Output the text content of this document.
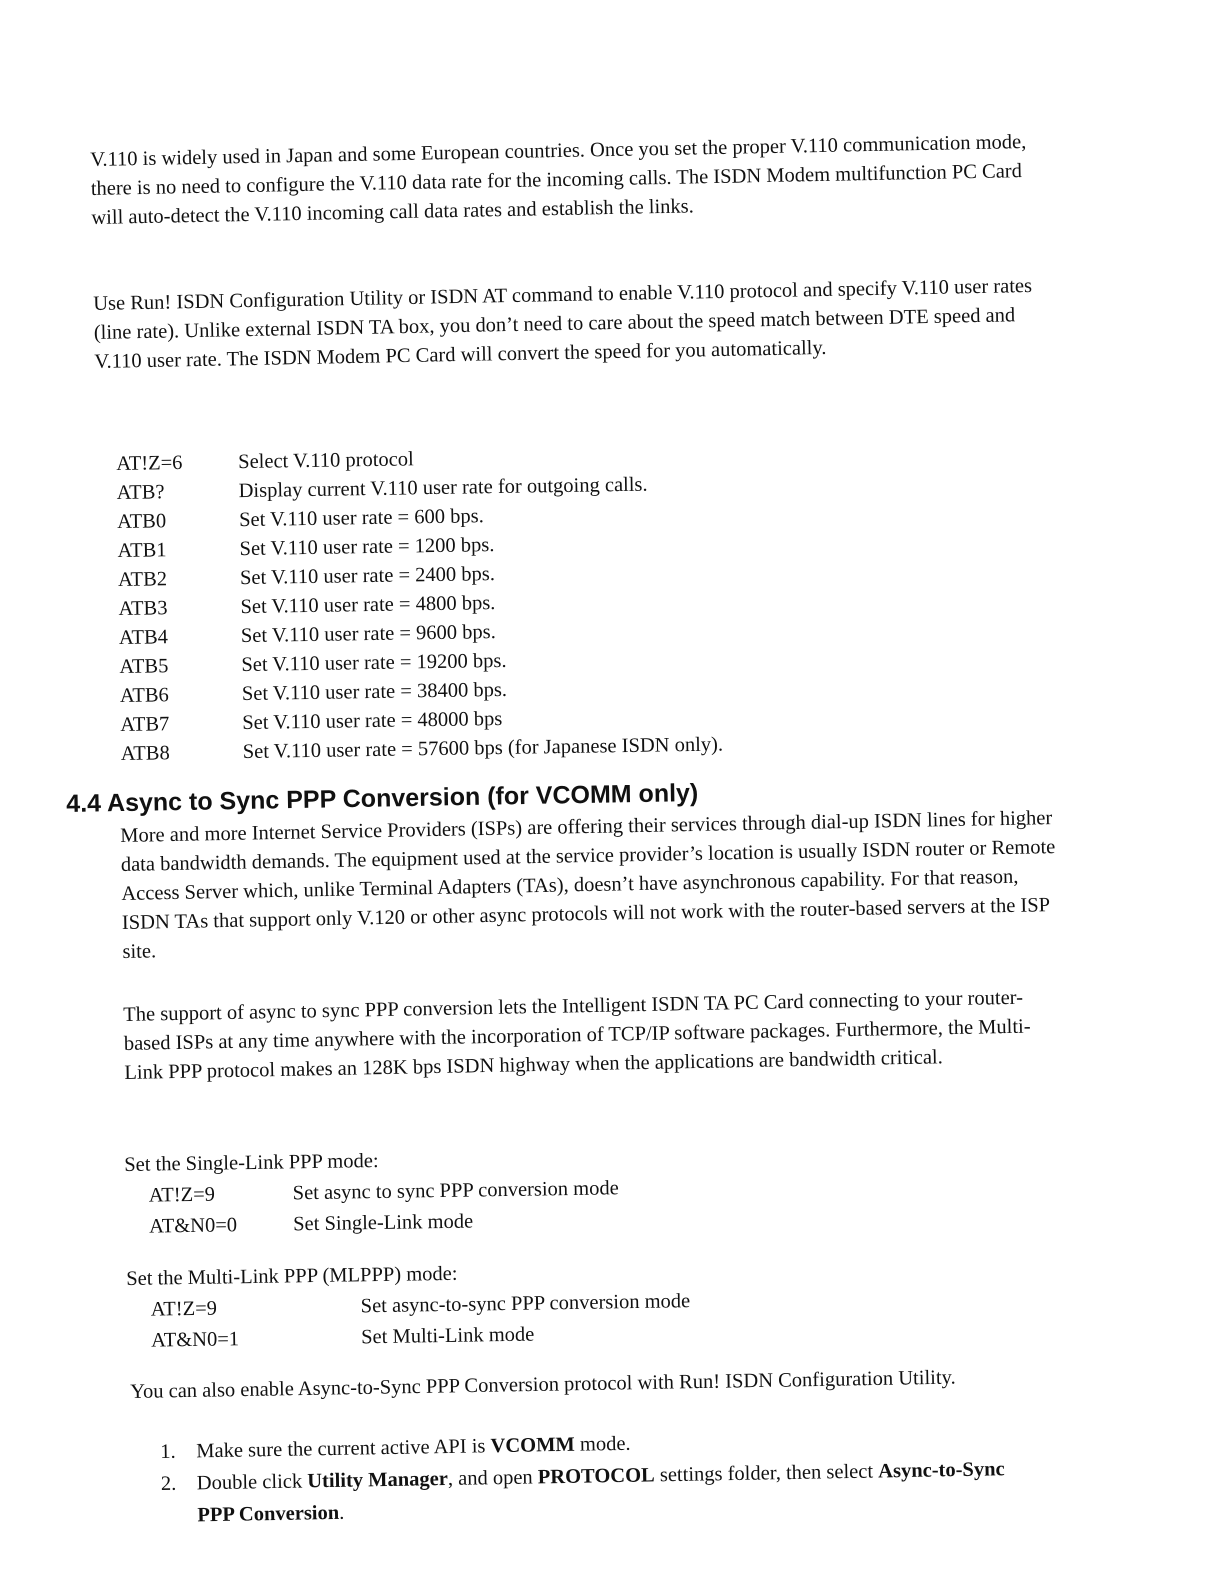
V.110 is widely used in Japan and some European countries. Once you set the proper V.110 communication mode, there is no need to configure the V.110 data rate for the incoming calls. The ISDN Modem multifunction PC Card will auto-detect the V.110 incoming call data rates and establish the links.

Use Run! ISDN Configuration Utility or ISDN AT command to enable V.110 protocol and specify V.110 user rates (line rate). Unlike external ISDN TA box, you don’t need to care about the speed match between DTE speed and V.110 user rate. The ISDN Modem PC Card will convert the speed for you automatically.

AT!Z=6	Select V.110 protocol
ATB?	Display current V.110 user rate for outgoing calls.
ATB0	Set V.110 user rate = 600 bps.
ATB1	Set V.110 user rate = 1200 bps.
ATB2	Set V.110 user rate = 2400 bps.
ATB3	Set V.110 user rate = 4800 bps.
ATB4	Set V.110 user rate = 9600 bps.
ATB5	Set V.110 user rate = 19200 bps.
ATB6	Set V.110 user rate = 38400 bps.
ATB7	Set V.110 user rate = 48000 bps
ATB8	Set V.110 user rate = 57600 bps (for Japanese ISDN only).
4.4 Async to Sync PPP Conversion (for VCOMM only)

More and more Internet Service Providers (ISPs) are offering their services through dial-up ISDN lines for higher data bandwidth demands. The equipment used at the service provider’s location is usually ISDN router or Remote Access Server which, unlike Terminal Adapters (TAs), doesn’t have asynchronous capability. For that reason, ISDN TAs that support only V.120 or other async protocols will not work with the router-based servers at the ISP site.

The support of async to sync PPP conversion lets the Intelligent ISDN TA PC Card connecting to your router-based ISPs at any time anywhere with the incorporation of TCP/IP software packages. Furthermore, the Multi-Link PPP protocol makes an 128K bps ISDN highway when the applications are bandwidth critical.

Set the Single-Link PPP mode:
AT!Z=9	Set async to sync PPP conversion mode
AT&N0=0	Set Single-Link mode
Set the Multi-Link PPP (MLPPP) mode:
AT!Z=9	Set async-to-sync PPP conversion mode
AT&N0=1	Set Multi-Link mode

You can also enable Async-to-Sync PPP Conversion protocol with Run! ISDN Configuration Utility.

1. Make sure the current active API is VCOMM mode.
2. Double click Utility Manager, and open PROTOCOL settings folder, then select Async-to-Sync PPP Conversion.
